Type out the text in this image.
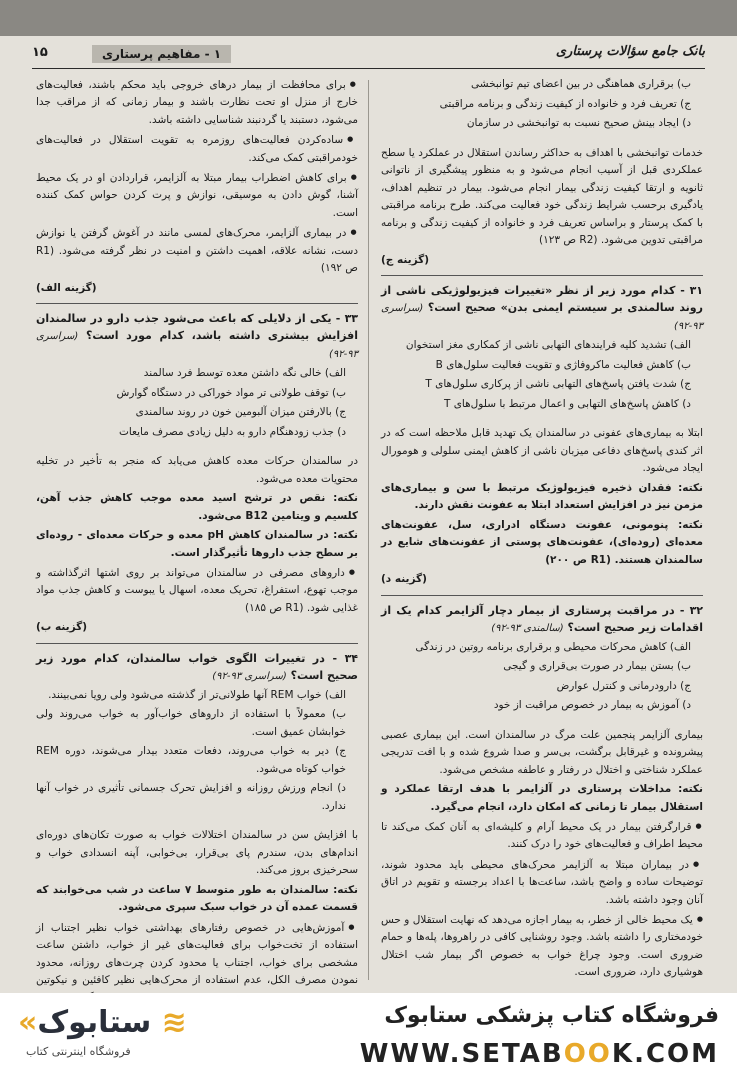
بانک جامع سؤالات پرستاری
۱ - مفاهیم پرستاری
۱۵

ب) برقراری هماهنگی در بین اعضای تیم توانبخشی

ج) تعریف فرد و خانواده از کیفیت زندگی و برنامه مراقبتی

د) ایجاد بینش صحیح نسبت به توانبخشی در سازمان

خدمات توانبخشی با اهداف به حداکثر رساندن استقلال در عملکرد یا سطح عملکردی قبل از آسیب انجام می‌شود و به منظور پیشگیری از ناتوانی ثانویه و ارتقا کیفیت زندگی بیمار انجام می‌شود. بیمار در تنظیم اهداف، یادگیری برحسب شرایط زندگی خود فعالیت می‌کند. طرح برنامه مراقبتی با کمک پرستار و براساس تعریف فرد و خانواده از کیفیت زندگی و برنامه مراقبتی تدوین می‌شود. (R2 ص ۱۲۳)

(گزینه ج)

۳۱ - کدام مورد زیر از نظر «تغییرات فیزیولوژیکی ناشی از روند سالمندی بر سیستم ایمنی بدن» صحیح است؟ (سراسری ۹۳-۹۲)

الف) تشدید کلیه فرایندهای التهابی ناشی از کمکاری مغز استخوان

ب) کاهش فعالیت ماکروفاژی و تقویت فعالیت سلول‌های B

ج) شدت یافتن پاسخ‌های التهابی ناشی از پرکاری سلول‌های T

د) کاهش پاسخ‌های التهابی و اعمال مرتبط با سلول‌های T

ابتلا به بیماری‌های عفونی در سالمندان یک تهدید قابل ملاحظه است که در اثر کندی پاسخ‌های دفاعی میزبان ناشی از کاهش ایمنی سلولی و هومورال ایجاد می‌شود.

نکته: فقدان ذخیره فیزیولوژیک مرتبط با سن و بیماری‌های مزمن نیز در افزایش استعداد ابتلا به عفونت نقش دارند.

نکته: پنومونی، عفونت دستگاه ادراری، سل، عفونت‌های معده‌ای (روده‌ای)، عفونت‌های پوستی از عفونت‌های شایع در سالمندان هستند. (R1 ص ۲۰۰)

(گزینه د)

۳۲ - در مراقبت پرستاری از بیمار دچار آلزایمر کدام یک از اقدامات زیر صحیح است؟ (سالمندی ۹۳-۹۲)

الف) کاهش محرکات محیطی و برقراری برنامه روتین در زندگی

ب) بستن بیمار در صورت بی‌قراری و گیجی

ج) دارودرمانی و کنترل عوارض

د) آموزش به بیمار در خصوص مراقبت از خود

بیماری آلزایمر پنجمین علت مرگ در سالمندان است. این بیماری عصبی پیشرونده و غیرقابل برگشت، بی‌سر و صدا شروع شده و با افت تدریجی عملکرد شناختی و اختلال در رفتار و عاطفه مشخص می‌شود.

نکته: مداخلات پرستاری در آلزایمر با هدف ارتقا عملکرد و استقلال بیمار تا زمانی که امکان دارد، انجام می‌گیرد.

● قرارگرفتن بیمار در یک محیط آرام و کلیشه‌ای به آنان کمک می‌کند تا محیط اطراف و فعالیت‌های خود را درک کنند.

● در بیماران مبتلا به آلزایمر محرک‌های محیطی باید محدود شوند، توضیحات ساده و واضح باشد، ساعت‌ها با اعداد برجسته و تقویم در اتاق آنان وجود داشته باشد.

● یک محیط خالی از خطر، به بیمار اجازه می‌دهد که نهایت استقلال و حس خودمختاری را داشته باشد. وجود روشنایی کافی در راهروها، پله‌ها و حمام ضروری است. وجود چراغ خواب به خصوص اگر بیمار شب اختلال هوشیاری دارد، ضروری است.

● برای محافظت از بیمار درهای خروجی باید محکم باشند، فعالیت‌های خارج از منزل او تحت نظارت باشند و بیمار زمانی که از مراقب جدا می‌شود، دستبند یا گردنبند شناسایی داشته باشد.

● ساده‌کردن فعالیت‌های روزمره به تقویت استقلال در فعالیت‌های خودمراقبتی کمک می‌کند.

● برای کاهش اضطراب بیمار مبتلا به آلزایمر، قراردادن او در یک محیط آشنا، گوش دادن به موسیقی، نوازش و پرت کردن حواس کمک کننده است.

● در بیماری آلزایمر، محرک‌های لمسی مانند در آغوش گرفتن یا نوازش دست، نشانه علاقه، اهمیت داشتن و امنیت در نظر گرفته می‌شود. (R1 ص ۱۹۲)

(گزینه الف)

۳۳ - یکی از دلایلی که باعث می‌شود جذب دارو در سالمندان افزایش بیشتری داشته باشد، کدام مورد است؟ (سراسری ۹۳-۹۲)

الف) خالی نگه داشتن معده توسط فرد سالمند

ب) توقف طولانی تر مواد خوراکی در دستگاه گوارش

ج) بالارفتن میزان آلبومین خون در روند سالمندی

د) جذب زودهنگام دارو به دلیل زیادی مصرف مایعات

در سالمندان حرکات معده کاهش می‌یابد که منجر به تأخیر در تخلیه محتویات معده می‌شود.

نکته: نقص در ترشح اسید معده موجب کاهش جذب آهن، کلسیم و ویتامین B12 می‌شود.

نکته: در سالمندان کاهش pH معده و حرکات معده‌ای - روده‌ای بر سطح جذب داروها تأثیرگذار است.

● داروهای مصرفی در سالمندان می‌تواند بر روی اشتها اثرگذاشته و موجب تهوع، استفراغ، تحریک معده، اسهال یا یبوست و کاهش جذب مواد غذایی شود. (R1 ص ۱۸۵)

(گزینه ب)

۳۴ - در تغییرات الگوی خواب سالمندان، کدام مورد زیر صحیح است؟ (سراسری ۹۳-۹۲)

الف) خواب REM آنها طولانی‌تر از گذشته می‌شود ولی رویا نمی‌بینند.

ب) معمولاً با استفاده از داروهای خواب‌آور به خواب می‌روند ولی خوابشان عمیق است.

ج) دیر به خواب می‌روند، دفعات متعدد بیدار می‌شوند، دوره REM خواب کوتاه می‌شود.

د) انجام ورزش روزانه و افزایش تحرک جسمانی تأثیری در خواب آنها ندارد.

با افزایش سن در سالمندان اختلالات خواب به صورت تکان‌های دوره‌ای اندام‌های بدن، سندرم پای بی‌قرار، بی‌خوابی، آپنه انسدادی خواب و سحرخیزی بروز می‌کند.

نکته: سالمندان به طور متوسط ۷ ساعت در شب می‌خوابند که قسمت عمده آن در خواب سبک سپری می‌شود.

● آموزش‌هایی در خصوص رفتارهای بهداشتی خواب نظیر اجتناب از استفاده از تخت‌خواب برای فعالیت‌های غیر از خواب، داشتن ساعت مشخصی برای خواب، اجتناب یا محدود کردن چرت‌های روزانه، محدود نمودن مصرف الکل، عدم استفاده از محرک‌هایی نظیر کافئین و نیکوتین

«ستابوک ≋
فروشگاه اینترنتی کتاب
فروشگاه کتاب پزشکی ستابوک
WWW.SETABOOK.COM
